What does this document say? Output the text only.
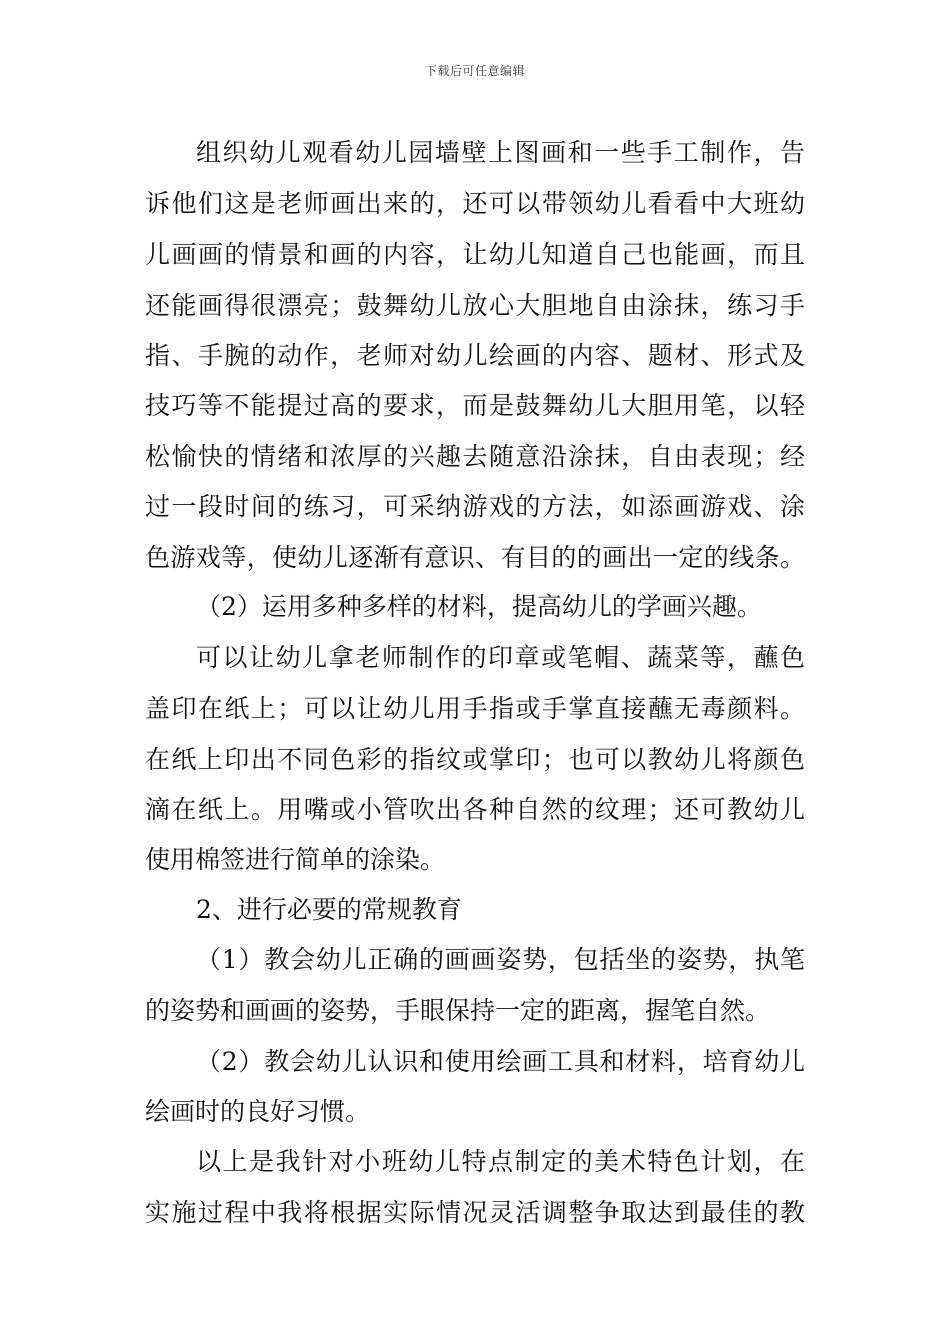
下载后可任意编辑
组织幼儿观看幼儿园墙壁上图画和一些手工制作，告
诉他们这是老师画出来的，还可以带领幼儿看看中大班幼
儿画画的情景和画的内容，让幼儿知道自己也能画，而且
还能画得很漂亮；鼓舞幼儿放心大胆地自由涂抹，练习手
指、手腕的动作，老师对幼儿绘画的内容、题材、形式及
技巧等不能提过高的要求，而是鼓舞幼儿大胆用笔，以轻
松愉快的情绪和浓厚的兴趣去随意沿涂抹，自由表现；经
过一段时间的练习，可采纳游戏的方法，如添画游戏、涂
色游戏等，使幼儿逐渐有意识、有目的的画出一定的线条。
（2）运用多种多样的材料，提高幼儿的学画兴趣。
可以让幼儿拿老师制作的印章或笔帽、蔬菜等，蘸色
盖印在纸上；可以让幼儿用手指或手掌直接蘸无毒颜料。
在纸上印出不同色彩的指纹或掌印；也可以教幼儿将颜色
滴在纸上。用嘴或小管吹出各种自然的纹理；还可教幼儿
使用棉签进行简单的涂染。
2、进行必要的常规教育
（1）教会幼儿正确的画画姿势，包括坐的姿势，执笔
的姿势和画画的姿势，手眼保持一定的距离，握笔自然。
（2）教会幼儿认识和使用绘画工具和材料，培育幼儿
绘画时的良好习惯。
以上是我针对小班幼儿特点制定的美术特色计划，在
实施过程中我将根据实际情况灵活调整争取达到最佳的教
